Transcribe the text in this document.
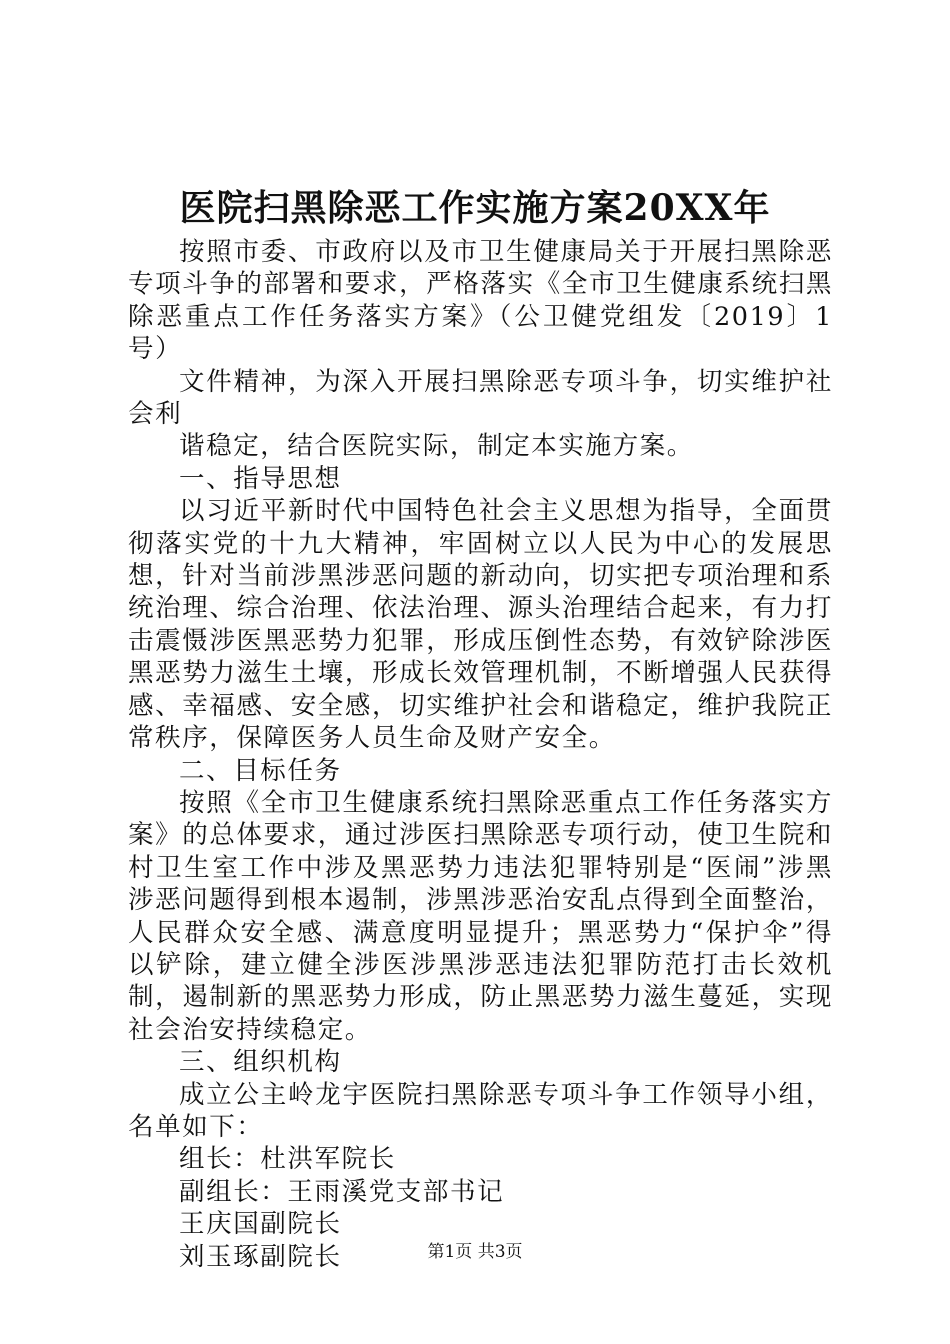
医院扫黑除恶工作实施方案20XX年

按照市委、市政府以及市卫生健康局关于开展扫黑除恶专项斗争的部署和要求，严格落实《全市卫生健康系统扫黑除恶重点工作任务落实方案》（公卫健党组发〔2019〕1号）

文件精神，为深入开展扫黑除恶专项斗争，切实维护社会利

谐稳定，结合医院实际，制定本实施方案。

一、指导思想

以习近平新时代中国特色社会主义思想为指导，全面贯彻落实党的十九大精神，牢固树立以人民为中心的发展思想，针对当前涉黑涉恶问题的新动向，切实把专项治理和系统治理、综合治理、依法治理、源头治理结合起来，有力打击震慑涉医黑恶势力犯罪，形成压倒性态势，有效铲除涉医黑恶势力滋生土壤，形成长效管理机制，不断增强人民获得感、幸福感、安全感，切实维护社会和谐稳定，维护我院正常秩序，保障医务人员生命及财产安全。

二、目标任务

按照《全市卫生健康系统扫黑除恶重点工作任务落实方案》的总体要求，通过涉医扫黑除恶专项行动，使卫生院和村卫生室工作中涉及黑恶势力违法犯罪特别是“医闹”涉黑涉恶问题得到根本遏制，涉黑涉恶治安乱点得到全面整治，人民群众安全感、满意度明显提升；黑恶势力“保护伞”得以铲除，建立健全涉医涉黑涉恶违法犯罪防范打击长效机制，遏制新的黑恶势力形成，防止黑恶势力滋生蔓延，实现社会治安持续稳定。

三、组织机构

成立公主岭龙宇医院扫黑除恶专项斗争工作领导小组，名单如下：

组长：杜洪军院长

副组长：王雨溪党支部书记

王庆国副院长

刘玉琢副院长	第1页 共3页
